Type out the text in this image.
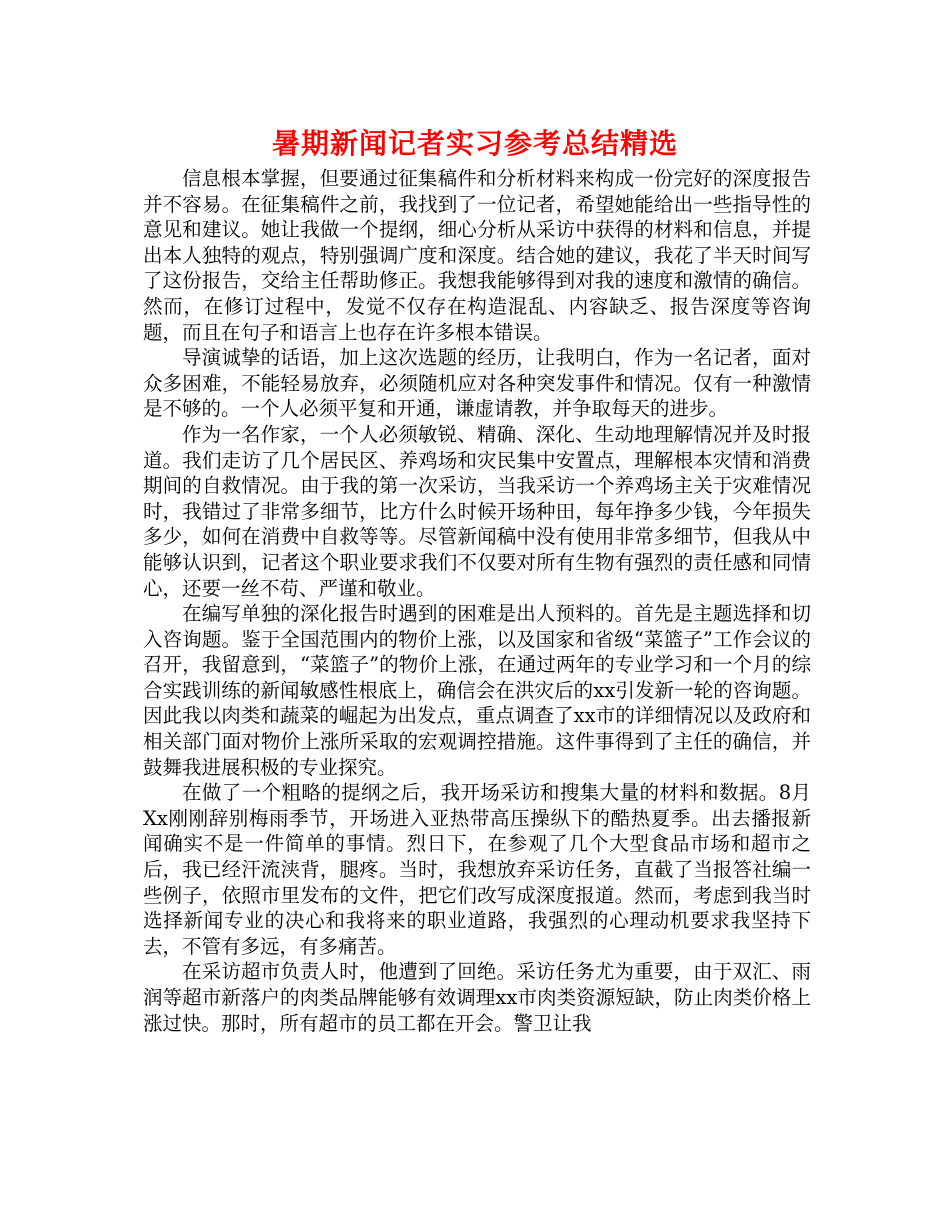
暑期新闻记者实习参考总结精选

信息根本掌握，但要通过征集稿件和分析材料来构成一份完好的深度报告并不容易。在征集稿件之前，我找到了一位记者，希望她能给出一些指导性的意见和建议。她让我做一个提纲，细心分析从采访中获得的材料和信息，并提出本人独特的观点，特别强调广度和深度。结合她的建议，我花了半天时间写了这份报告，交给主任帮助修正。我想我能够得到对我的速度和激情的确信。然而，在修订过程中，发觉不仅存在构造混乱、内容缺乏、报告深度等咨询题，而且在句子和语言上也存在许多根本错误。

导演诚挚的话语，加上这次选题的经历，让我明白，作为一名记者，面对众多困难，不能轻易放弃，必须随机应对各种突发事件和情况。仅有一种激情是不够的。一个人必须平复和开通，谦虚请教，并争取每天的进步。

作为一名作家，一个人必须敏锐、精确、深化、生动地理解情况并及时报道。我们走访了几个居民区、养鸡场和灾民集中安置点，理解根本灾情和消费期间的自救情况。由于我的第一次采访，当我采访一个养鸡场主关于灾难情况时，我错过了非常多细节，比方什么时候开场种田，每年挣多少钱，今年损失多少，如何在消费中自救等等。尽管新闻稿中没有使用非常多细节，但我从中能够认识到，记者这个职业要求我们不仅要对所有生物有强烈的责任感和同情心，还要一丝不苟、严谨和敬业。

在编写单独的深化报告时遇到的困难是出人预料的。首先是主题选择和切入咨询题。鉴于全国范围内的物价上涨，以及国家和省级“菜篮子”工作会议的召开，我留意到，“菜篮子”的物价上涨，在通过两年的专业学习和一个月的综合实践训练的新闻敏感性根底上，确信会在洪灾后的xx引发新一轮的咨询题。因此我以肉类和蔬菜的崛起为出发点，重点调查了xx市的详细情况以及政府和相关部门面对物价上涨所采取的宏观调控措施。这件事得到了主任的确信，并鼓舞我进展积极的专业探究。

在做了一个粗略的提纲之后，我开场采访和搜集大量的材料和数据。8月Xx刚刚辞别梅雨季节，开场进入亚热带高压操纵下的酷热夏季。出去播报新闻确实不是一件简单的事情。烈日下，在参观了几个大型食品市场和超市之后，我已经汗流浃背，腿疼。当时，我想放弃采访任务，直截了当报答社编一些例子，依照市里发布的文件，把它们改写成深度报道。然而，考虑到我当时选择新闻专业的决心和我将来的职业道路，我强烈的心理动机要求我坚持下去，不管有多远，有多痛苦。

在采访超市负责人时，他遭到了回绝。采访任务尤为重要，由于双汇、雨润等超市新落户的肉类品牌能够有效调理xx市肉类资源短缺，防止肉类价格上涨过快。那时，所有超市的员工都在开会。警卫让我
